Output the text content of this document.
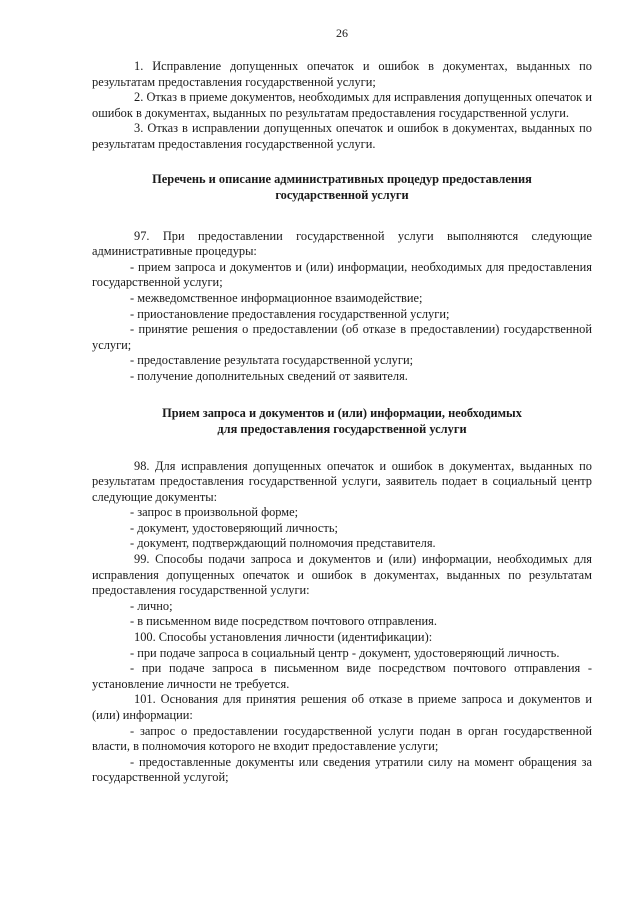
26

1. Исправление допущенных опечаток и ошибок в документах, выданных по результатам предоставления государственной услуги;

2. Отказ в приеме документов, необходимых для исправления допущенных опечаток и ошибок в документах, выданных по результатам предоставления государственной услуги.

3. Отказ в исправлении допущенных опечаток и ошибок в документах, выданных по результатам предоставления государственной услуги.

Перечень и описание административных процедур предоставления
государственной услуги

97. При предоставлении государственной услуги выполняются следующие административные процедуры:

- прием запроса и документов и (или) информации, необходимых для предоставления государственной услуги;

- межведомственное информационное взаимодействие;

- приостановление предоставления государственной услуги;

- принятие решения о предоставлении (об отказе в предоставлении) государственной услуги;

- предоставление результата государственной услуги;

- получение дополнительных сведений от заявителя.

Прием запроса и документов и (или) информации, необходимых
для предоставления государственной услуги

98. Для исправления допущенных опечаток и ошибок в документах, выданных по результатам предоставления государственной услуги, заявитель подает в социальный центр следующие документы:

- запрос в произвольной форме;

- документ, удостоверяющий личность;

- документ, подтверждающий полномочия представителя.

99. Способы подачи запроса и документов и (или) информации, необходимых для исправления допущенных опечаток и ошибок в документах, выданных по результатам предоставления государственной услуги:

- лично;

- в письменном виде посредством почтового отправления.

100. Способы установления личности (идентификации):

- при подаче запроса в социальный центр - документ, удостоверяющий личность.

- при подаче запроса в письменном виде посредством почтового отправления - установление личности не требуется.

101. Основания для принятия решения об отказе в приеме запроса и документов и (или) информации:

- запрос о предоставлении государственной услуги подан в орган государственной власти, в полномочия которого не входит предоставление услуги;

- предоставленные документы или сведения утратили силу на момент обращения за государственной услугой;
